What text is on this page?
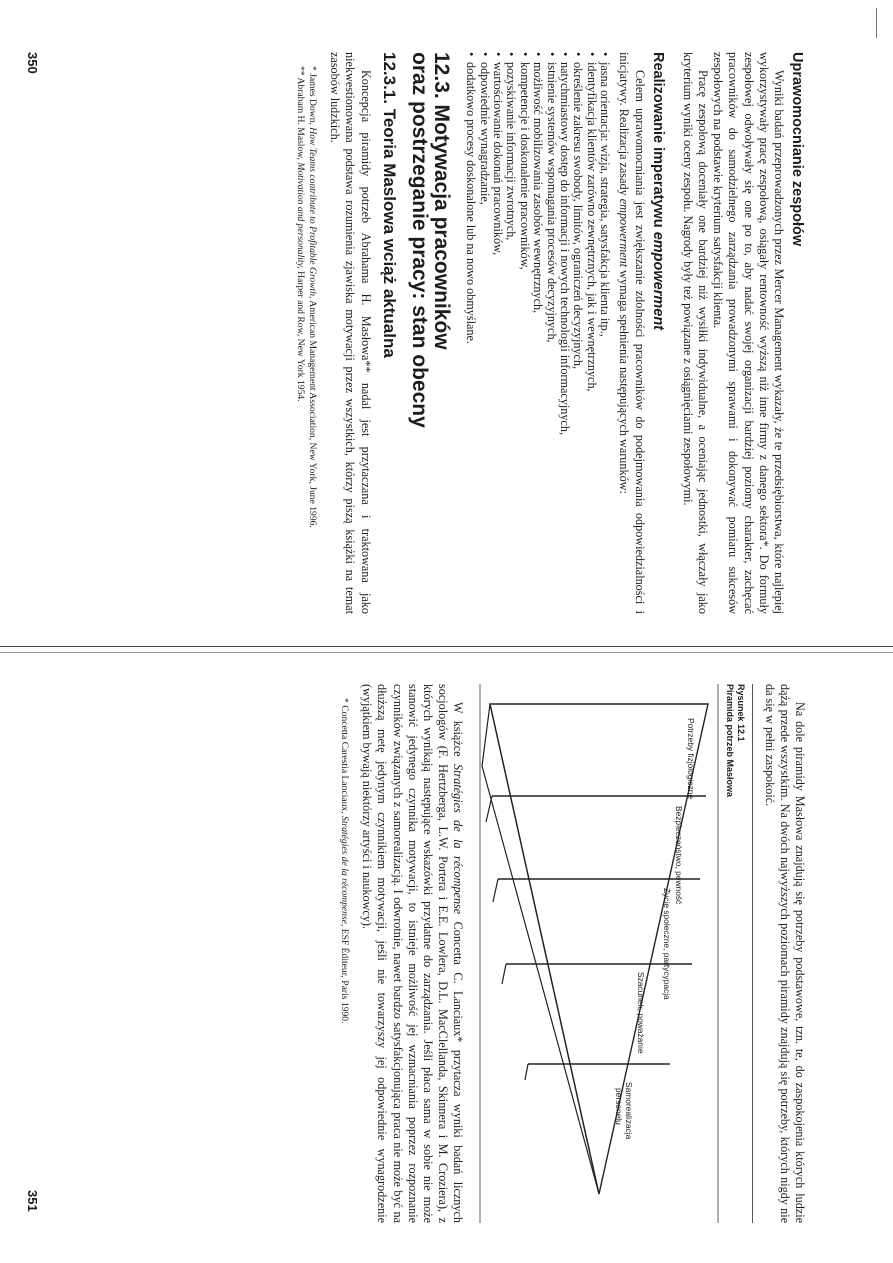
Uprawomocnianie zespołów

Wyniki badań przeprowadzonych przez Mercer Management wykazały, że te przedsiębiorstwa, które najlepiej wykorzystywały pracę zespołową, osiągały rentowność wyższą niż inne firmy z danego sektora*. Do formuły zespołowej odwoływały się one po to, aby nadać swojej organizacji bardziej poziomy charakter, zachęcać pracowników do samodzielnego zarządzania prowadzonymi sprawami i dokonywać pomiaru sukcesów zespołowych na podstawie kryterium satysfakcji klienta.

Pracę zespołową doceniały one bardziej niż wysiłki indywidualne, a oceniając jednostki, włączały jako kryterium wyniki oceny zespołu. Nagrody były też powiązane z osiągnięciami zespołowymi.

Realizowanie imperatywu empowerment

Celem uprawomocniania jest zwiększanie zdolności pracowników do podejmowania odpowiedzialności i inicjatywy. Realizacja zasady empowerment wymaga spełnienia następujących warunków:

• jasna orientacja: wizja, strategia, satysfakcja klienta itp.,
• identyfikacja klientów zarówno zewnętrznych, jak i wewnętrznych,
• określenie zakresu swobody, limitów, ograniczeń decyzyjnych,
• natychmiastowy dostęp do informacji i nowych technologii informacyjnych,
• istnienie systemów wspomagania procesów decyzyjnych,
• możliwość mobilizowania zasobów wewnętrznych,
• kompetencje i doskonalenie pracowników,
• pozyskiwanie informacji zwrotnych,
• wartościowanie dokonań pracowników,
• odpowiednie wynagradzanie,
• dodatkowo procesy doskonalone lub na nowo obmyślane.
12.3. Motywacja pracowników
oraz postrzeganie pracy: stan obecny
12.3.1. Teoria Maslowa wciąż aktualna

Koncepcja piramidy potrzeb Abrahama H. Masłowa** nadal jest przytaczana i traktowana jako niekwestionowana podstawa rozumienia zjawiska motywacji przez wszystkich, którzy piszą książki na temat zasobów ludzkich.

* James Down, How Teams contribute to Profitable Growth, American Management Association, New York, June 1996.

** Abraham H. Maslow, Motivation and personality, Harper and Row, New York 1954.

350

Na dole piramidy Masłowa znajdują się potrzeby podstawowe, tzn. te, do zaspokojenia których ludzie dążą przede wszystkim. Na dwóch najwyższych poziomach piramidy znajdują się potrzeby, których nigdy nie da się w pełni zaspokoić.

Rysunek 12.1
Piramida potrzeb Masłowa
Samorealizacja
personelu
Szacunek, poważanie
Życie społeczne, partycypacja
Bezpieczeństwo, pewność
Potrzeby fizjologiczne

W książce Stratégies de la récompense Concetta C. Lanciaux* przytacza wyniki badań licznych socjologów (F. Hertzberga, L.W. Portera i E.E. Lowlera, D.L. MacClellanda, Skinnera i M. Croziera), z których wynikają następujące wskazówki przydatne do zarządzania. Jeśli płaca sama w sobie nie może stanowić jedynego czynnika motywacji, to istnieje możliwość jej wzmacniania poprzez rozpoznanie czynników związanych z samorealizacją. I odwrotnie, nawet bardzo satysfakcjonująca praca nie może być na dłuższą metę jedynym czynnikiem motywacji, jeśli nie towarzyszy jej odpowiednie wynagrodzenie (wyjątkiem bywają niektórzy artyści i naukowcy).

* Concetta Carestia Lanciaux, Stratégies de la récompense, ESF Éditeur, Paris 1990.

351
